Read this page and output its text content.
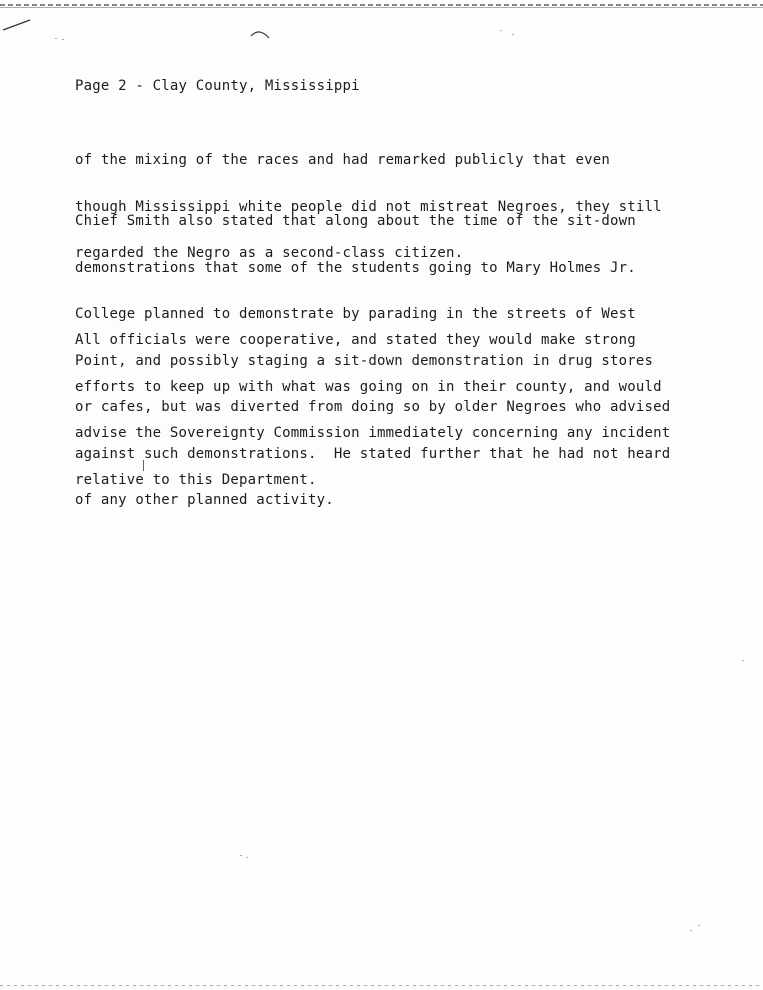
Page 2 - Clay County, Mississippi

of the mixing of the races and had remarked publicly that even

though Mississippi white people did not mistreat Negroes, they still

regarded the Negro as a second-class citizen.

Chief Smith also stated that along about the time of the sit-down

demonstrations that some of the students going to Mary Holmes Jr.

College planned to demonstrate by parading in the streets of West

Point, and possibly staging a sit-down demonstration in drug stores

or cafes, but was diverted from doing so by older Negroes who advised

against such demonstrations.  He stated further that he had not heard

of any other planned activity.

All officials were cooperative, and stated they would make strong

efforts to keep up with what was going on in their county, and would

advise the Sovereignty Commission immediately concerning any incident

relative to this Department.
